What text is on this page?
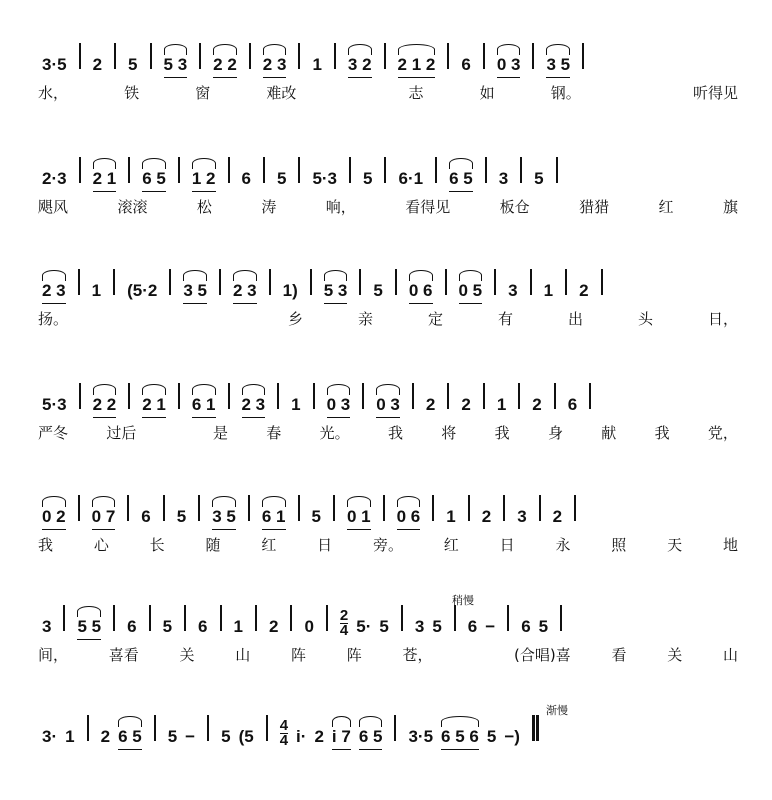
3·5 2 5 5 3 2 2 2 3 1 3 2 2 1 2 6 0 3 3 5
水，	铁	窗	难改	志	如	钢。	听得见
2·3 2 1 6 5 1 2 6 5 5·3 5 6·1 6 5 3 5
飓风	滚滚	松	涛	响，	看得见	板仓	猎猎	红	旗
2 3 1 (5·2 3 5 2 3 1) 5 3 5 0 6 0 5 3 1 2
扬。	乡	亲	定	有	出	头	日，
5·3 2 2 2 1 6 1 2 3 1 0 3 0 3 2 2 1 2 6
严冬	过后	是	春	光。	我	将	我	身	献	我	党，
0 2 0 7 6 5 3 5 6 1 5 0 1 0 6 1 2 3 2
我	心	长	随	红	日	旁。	红	日	永	照	天	地
3 5 5 6 5 6 1 2 0
2
4 5· 5 3 5 6 − 6 5
稍慢
间，	喜看	关	山	阵	阵	苍，	(合唱)喜	看	关	山
3· 1 2 6 5 5 − 5 (5
4
4 i· 2 i 7 6 5 3·5 6 5 6 5 −)
渐慢
